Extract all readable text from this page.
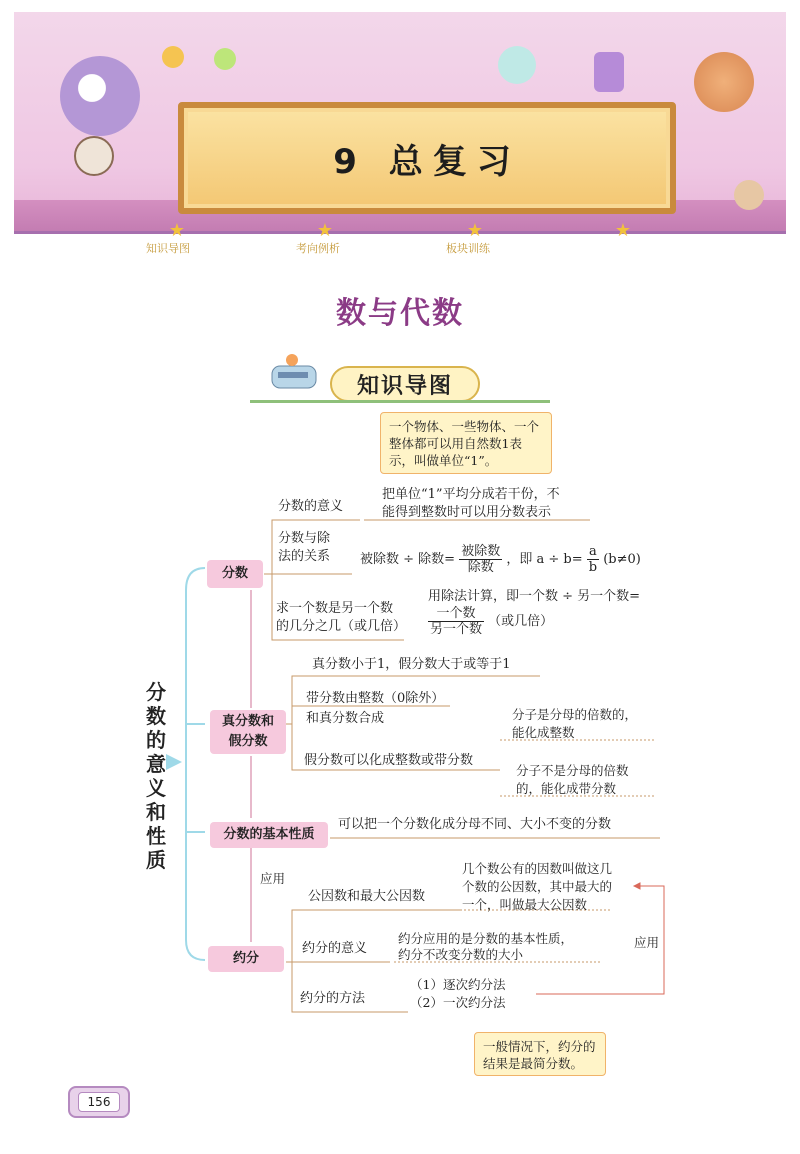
9 总复习
★	★	★	★
知识导图	考向例析	板块训练
数与代数
知识导图
一个物体、一些物体、一个整体都可以用自然数1表示，叫做单位“1”。
分数的意义和性质
分数
分数的意义
把单位“1”平均分成若干份，不
能得到整数时可以用分数表示
分数与除
法的关系 被除数 ÷ 除数= $\frac{\text{被除数}}{\text{除数}}$ ，即 $a \div b= \frac{a}{b} (b\ne 0)$
求一个数是另一个数
的几分之几（或几倍）
用除法计算，即一个数 ÷ 另一个数=
$\frac{\text{一个数}}{\text{另一个数}}$ （或几倍）
真分数和
假分数
真分数小于1，假分数大于或等于1
带分数由整数（0除外）
和真分数合成
假分数可以化成整数或带分数
分子是分母的倍数的，
能化成整数
分子不是分母的倍数
的，能化成带分数
分数的基本性质
可以把一个分数化成分母不同、大小不变的分数
应用
约分
公因数和最大公因数
几个数公有的因数叫做这几
个数的公因数，其中最大的
一个，叫做最大公因数
约分的意义
约分应用的是分数的基本性质，
约分不改变分数的大小
约分的方法
（1）逐次约分法
（2）一次约分法
应用
一般情况下，约分的结果是最简分数。
156
